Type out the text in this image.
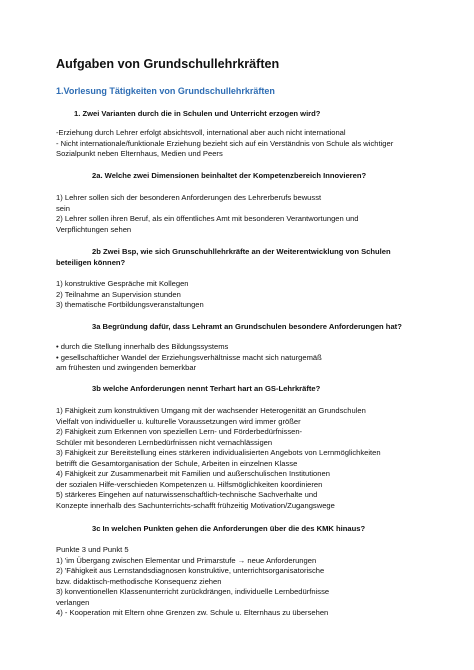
Aufgaben von Grundschullehrkräften
1.Vorlesung Tätigkeiten von Grundschullehrkräften
1. Zwei Varianten durch die in Schulen und Unterricht erzogen wird?
-Erziehung durch Lehrer erfolgt absichtsvoll, international aber auch nicht international
- Nicht internationale/funktionale Erziehung bezieht sich auf ein Verständnis von Schule als wichtiger
Sozialpunkt neben Elternhaus, Medien und Peers
2a. Welche zwei Dimensionen beinhaltet der Kompetenzbereich Innovieren?
1) Lehrer sollen sich der besonderen Anforderungen des Lehrerberufs bewusst
sein
2) Lehrer sollen ihren Beruf, als ein öffentliches Amt mit besonderen Verantwortungen und
Verpflichtungen sehen
2b Zwei Bsp, wie sich Grunschuhllehrkräfte an der Weiterentwicklung von Schulen
beteiligen können?
1) konstruktive Gespräche mit Kollegen
2) Teilnahme an Supervision stunden
3) thematische Fortbildungsveranstaltungen
3a Begründung dafür, dass Lehramt an Grundschulen besondere Anforderungen hat?
• durch die Stellung innerhalb des Bildungssystems
• gesellschaftlicher Wandel der Erziehungsverhältnisse macht sich naturgemäß
am frühesten und zwingenden bemerkbar
3b welche Anforderungen nennt Terhart hart an GS-Lehrkräfte?
1) Fähigkeit zum konstruktiven Umgang mit der wachsender Heterogenität an Grundschulen
Vielfalt von individueller u. kulturelle Voraussetzungen wird immer größer
2) Fähigkeit zum Erkennen von speziellen Lern- und Förderbedürfnissen-
Schüler mit besonderen Lernbedürfnissen nicht vernachlässigen
3) Fähigkeit zur Bereitstellung eines stärkeren individualisierten Angebots von Lernmöglichkeiten
betrifft die Gesamtorganisation der Schule, Arbeiten in einzelnen Klasse
4) Fähigkeit zur Zusammenarbeit mit Familien und außerschulischen Institutionen
der sozialen Hilfe-verschieden Kompetenzen u. Hilfsmöglichkeiten koordinieren
5) stärkeres Eingehen auf naturwissenschaftlich-technische Sachverhalte und
Konzepte innerhalb des Sachunterrichts-schafft frühzeitig Motivation/Zugangswege
3c In welchen Punkten gehen die Anforderungen über die des KMK hinaus?
Punkte 3 und Punkt 5
1) 'im Übergang zwischen Elementar und Primarstufe → neue Anforderungen
2) 'Fähigkeit aus Lernstandsdiagnosen konstruktive, unterrichtsorganisatorische
bzw. didaktisch-methodische Konsequenz ziehen
3) konventionellen Klassenunterricht zurückdrängen, individuelle Lernbedürfnisse
verlangen
4) - Kooperation mit Eltern ohne Grenzen zw. Schule u. Elternhaus zu übersehen
